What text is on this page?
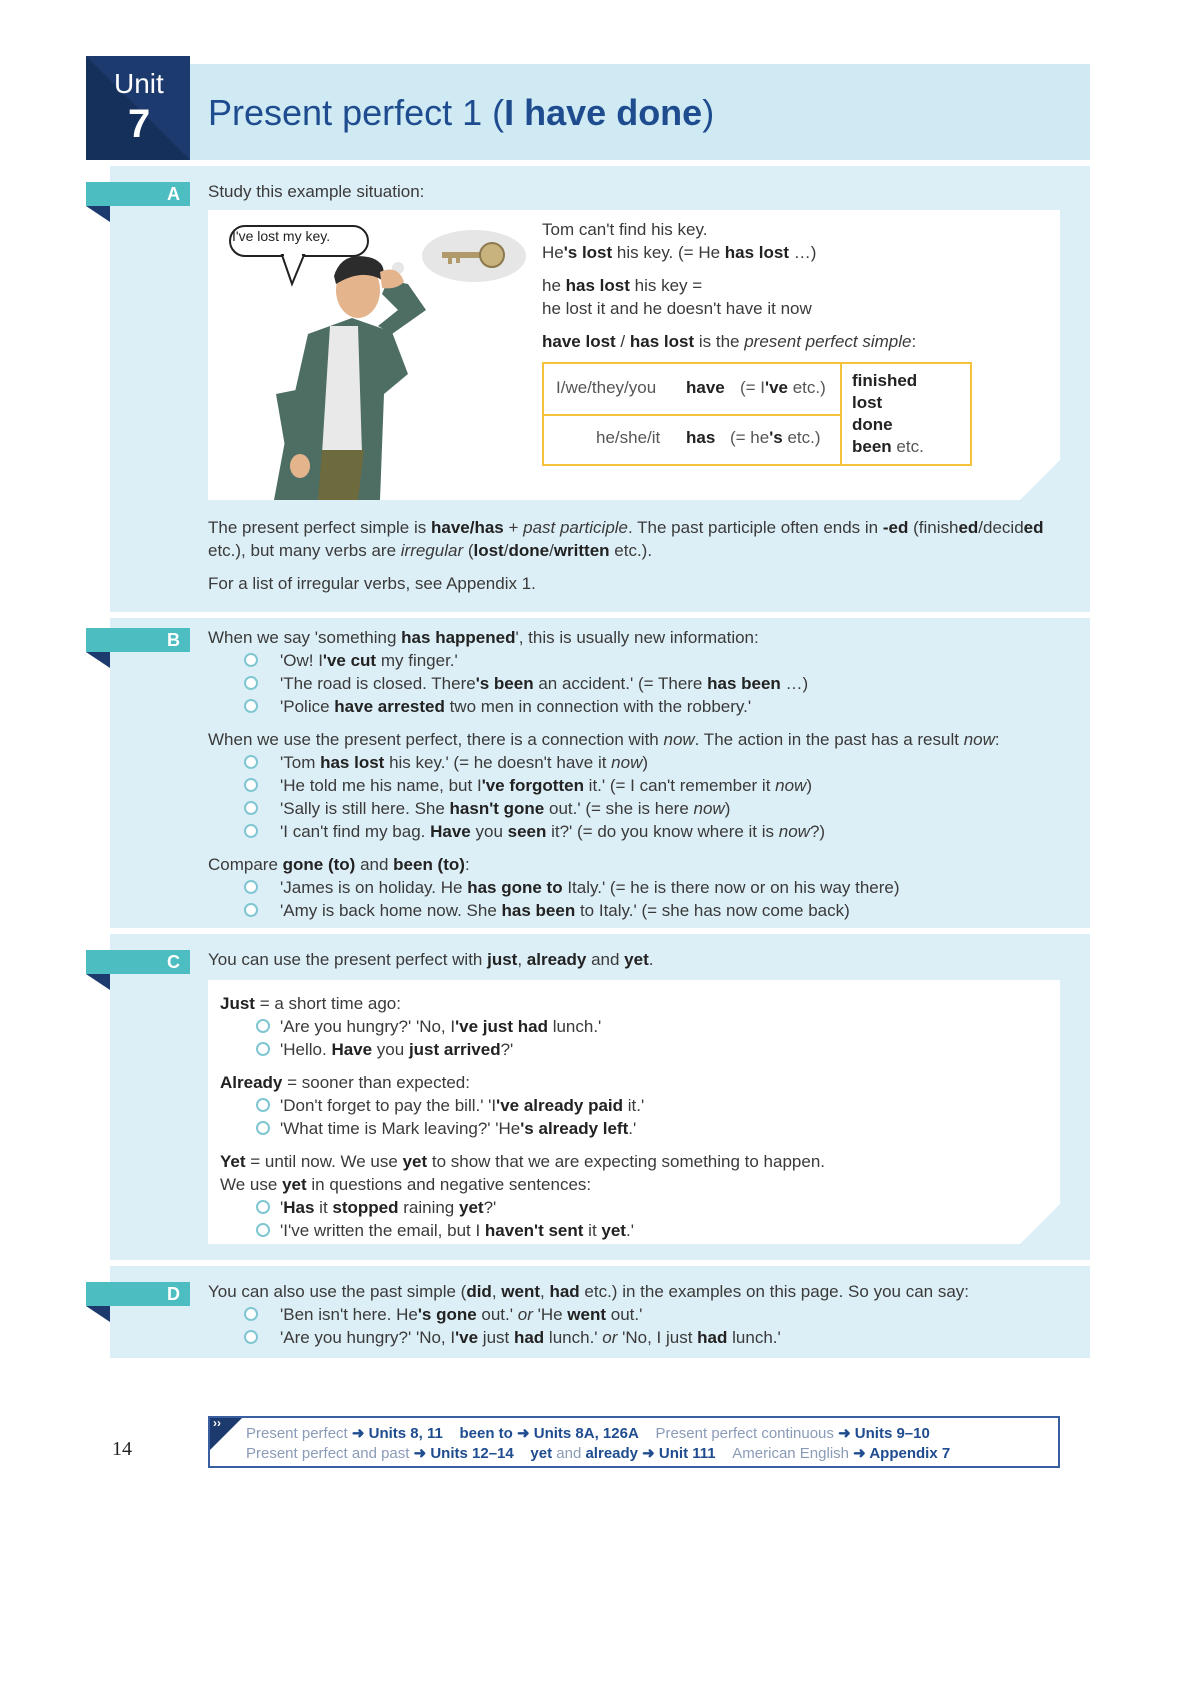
Unit
7 Present perfect 1 (I have done)
A	Study this example situation:
I've lost my key.	Tom can't find his key.
He's lost his key. (= He has lost …)
he has lost his key =
he lost it and he doesn't have it now
have lost / has lost is the present perfect simple:
I/we/they/you have (= I've etc.)
he/she/it has (= he's etc.)
finished
lost
done
been etc.
The present perfect simple is have/has + past participle. The past participle often ends in -ed (finished/decided etc.), but many verbs are irregular (lost/done/written etc.).
For a list of irregular verbs, see Appendix 1.
B	When we say 'something has happened', this is usually new information:
'Ow! I've cut my finger.'
'The road is closed. There's been an accident.' (= There has been …)
'Police have arrested two men in connection with the robbery.'
When we use the present perfect, there is a connection with now. The action in the past has a result now:
'Tom has lost his key.' (= he doesn't have it now)
'He told me his name, but I've forgotten it.' (= I can't remember it now)
'Sally is still here. She hasn't gone out.' (= she is here now)
'I can't find my bag. Have you seen it?' (= do you know where it is now?)
Compare gone (to) and been (to):
'James is on holiday. He has gone to Italy.' (= he is there now or on his way there)
'Amy is back home now. She has been to Italy.' (= she has now come back)
C	You can use the present perfect with just, already and yet.
Just = a short time ago:
'Are you hungry?' 'No, I've just had lunch.'
'Hello. Have you just arrived?'
Already = sooner than expected:
'Don't forget to pay the bill.' 'I've already paid it.'
'What time is Mark leaving?' 'He's already left.'
Yet = until now. We use yet to show that we are expecting something to happen.
We use yet in questions and negative sentences:
'Has it stopped raining yet?'
'I've written the email, but I haven't sent it yet.'
D	You can also use the past simple (did, went, had etc.) in the examples on this page. So you can say:
'Ben isn't here. He's gone out.' or 'He went out.'
'Are you hungry?' 'No, I've just had lunch.' or 'No, I just had lunch.'
››
Present perfect ➜ Units 8, 11 been to ➜ Units 8A, 126A    Present perfect continuous ➜ Units 9–10
Present perfect and past ➜ Units 12–14 yet and already ➜ Unit 111    American English ➜ Appendix 7
14
